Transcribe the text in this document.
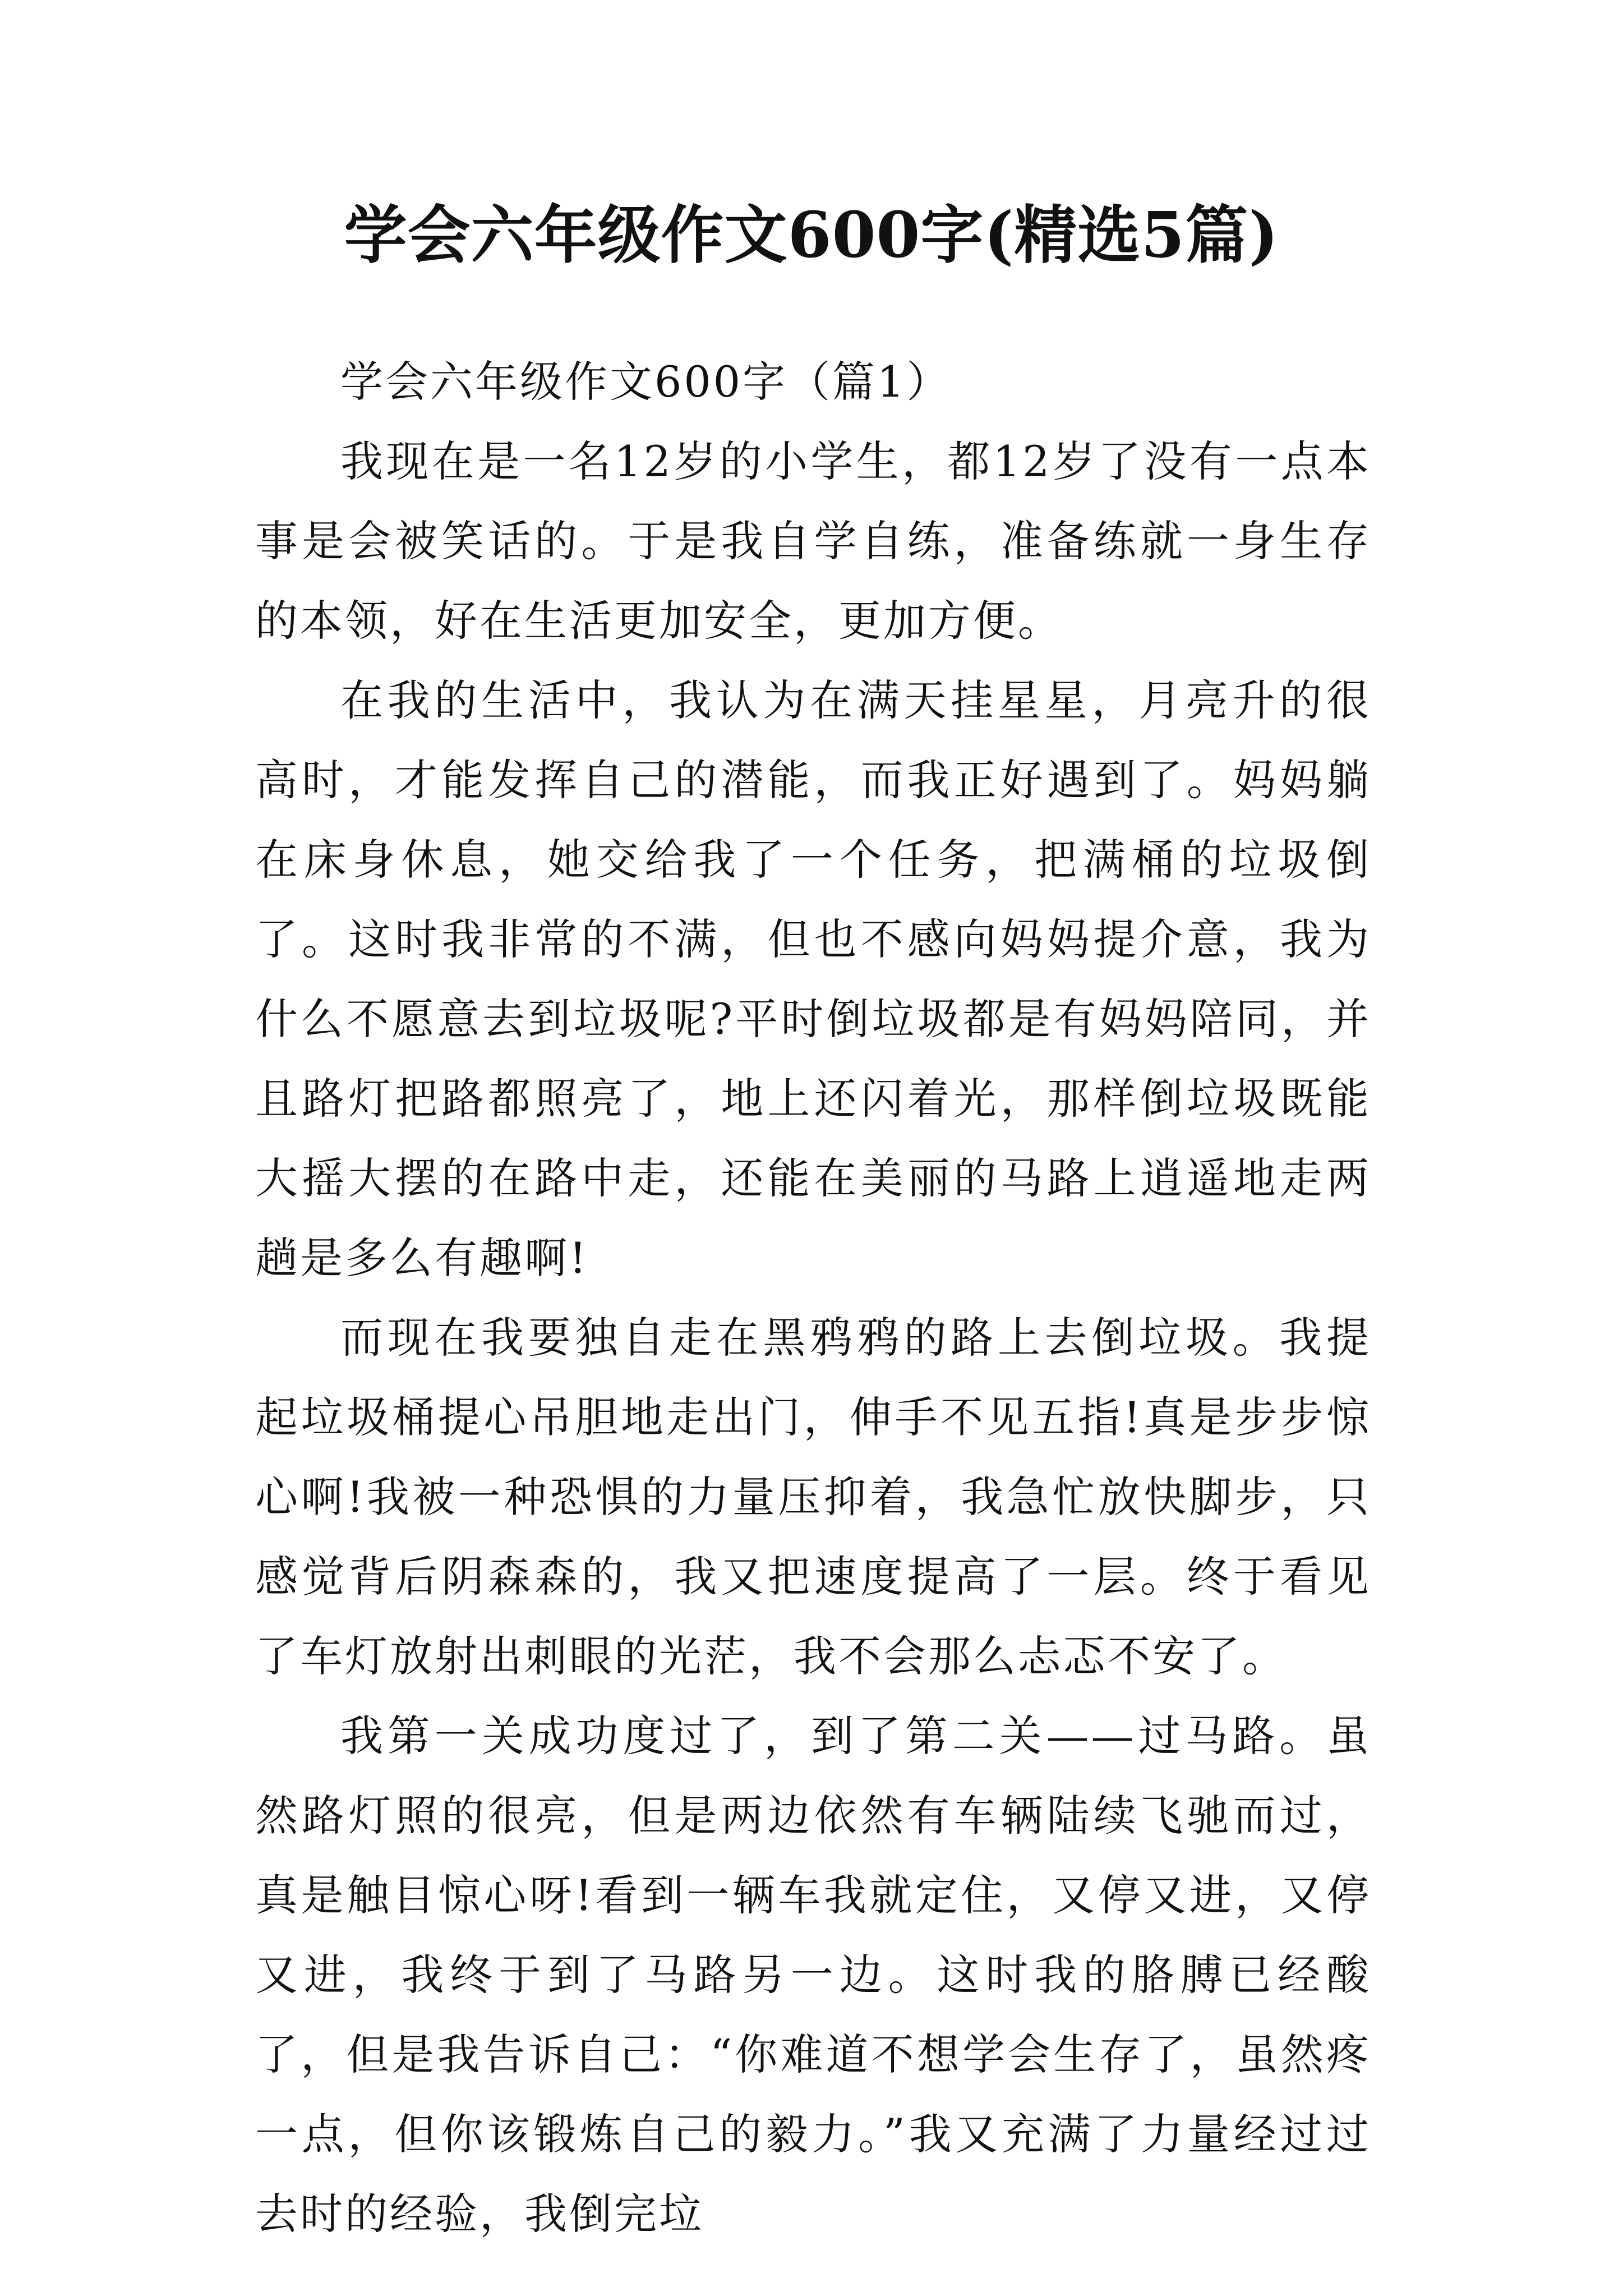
学会六年级作文600字(精选5篇)
学会六年级作文600字（篇1）

我现在是一名12岁的小学生，都12岁了没有一点本事是会被笑话的。于是我自学自练，准备练就一身生存的本领，好在生活更加安全，更加方便。

在我的生活中，我认为在满天挂星星，月亮升的很高时，才能发挥自己的潜能，而我正好遇到了。妈妈躺在床身休息，她交给我了一个任务，把满桶的垃圾倒了。这时我非常的不满，但也不感向妈妈提介意，我为什么不愿意去到垃圾呢?平时倒垃圾都是有妈妈陪同，并且路灯把路都照亮了，地上还闪着光，那样倒垃圾既能大摇大摆的在路中走，还能在美丽的马路上逍遥地走两趟是多么有趣啊!

而现在我要独自走在黑鸦鸦的路上去倒垃圾。我提起垃圾桶提心吊胆地走出门，伸手不见五指!真是步步惊心啊!我被一种恐惧的力量压抑着，我急忙放快脚步，只感觉背后阴森森的，我又把速度提高了一层。终于看见了车灯放射出刺眼的光茫，我不会那么忐忑不安了。

我第一关成功度过了，到了第二关——过马路。虽然路灯照的很亮，但是两边依然有车辆陆续飞驰而过，真是触目惊心呀!看到一辆车我就定住，又停又进，又停又进，我终于到了马路另一边。这时我的胳膊已经酸了，但是我告诉自己：“你难道不想学会生存了，虽然疼一点，但你该锻炼自己的毅力。”我又充满了力量经过过去时的经验，我倒完垃
